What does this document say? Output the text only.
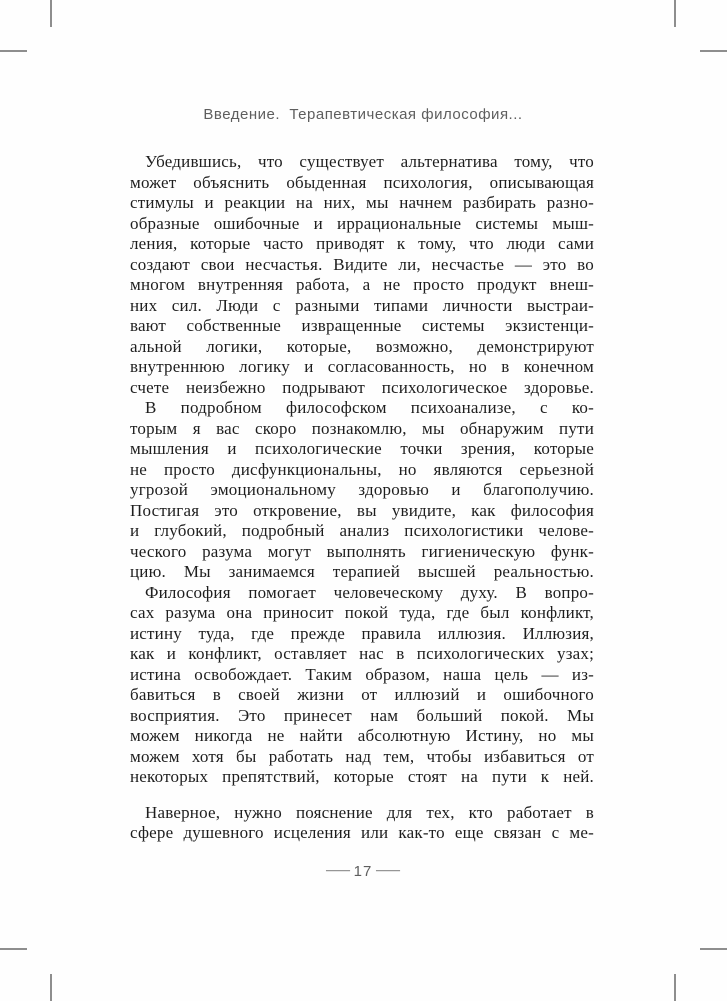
Введение.  Терапевтическая философия...
Убедившись, что существует альтернатива тому, что
может объяснить обыденная психология, описывающая
стимулы и реакции на них, мы начнем разбирать разно-
образные ошибочные и иррациональные системы мыш-
ления, которые часто приводят к тому, что люди сами
создают свои несчастья. Видите ли, несчастье — это во
многом внутренняя работа, а не просто продукт внеш-
них сил. Люди с разными типами личности выстраи-
вают собственные извращенные системы экзистенци-
альной логики, которые, возможно, демонстрируют
внутреннюю логику и согласованность, но в конечном
счете неизбежно подрывают психологическое здоровье.
В подробном философском психоанализе, с ко-
торым я вас скоро познакомлю, мы обнаружим пути
мышления и психологические точки зрения, которые
не просто дисфункциональны, но являются серьезной
угрозой эмоциональному здоровью и благополучию.
Постигая это откровение, вы увидите, как философия
и глубокий, подробный анализ психологистики челове-
ческого разума могут выполнять гигиеническую функ-
цию. Мы занимаемся терапией высшей реальностью.
Философия помогает человеческому духу. В вопро-
сах разума она приносит покой туда, где был конфликт,
истину туда, где прежде правила иллюзия. Иллюзия,
как и конфликт, оставляет нас в психологических узах;
истина освобождает. Таким образом, наша цель — из-
бавиться в своей жизни от иллюзий и ошибочного
восприятия. Это принесет нам больший покой. Мы
можем никогда не найти абсолютную Истину, но мы
можем хотя бы работать над тем, чтобы избавиться от
некоторых препятствий, которые стоят на пути к ней.
Наверное, нужно пояснение для тех, кто работает в
сфере душевного исцеления или как-то еще связан с ме-
— 17 —
